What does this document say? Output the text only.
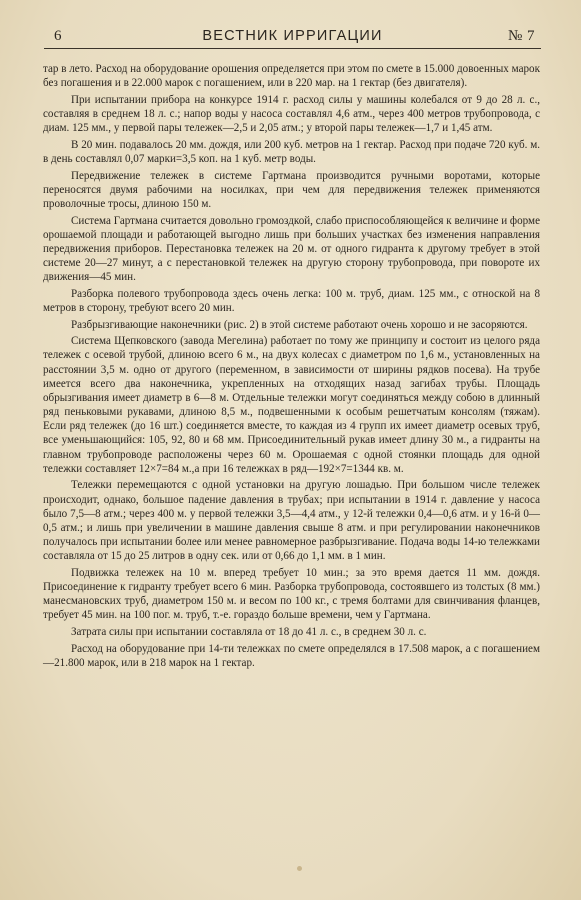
6	ВЕСТНИК ИРРИГАЦИИ	№ 7

тар в лето. Расход на оборудование орошения определяется при этом по смете в 15.000 довоенных марок без погашения и в 22.000 марок с погашением, или в 220 мар. на 1 гектар (без двигателя).

При испытании прибора на конкурсе 1914 г. расход силы у машины колебался от 9 до 28 л. с., составляя в среднем 18 л. с.; напор воды у насоса составлял 4,6 атм., через 400 метров трубопровода, с диам. 125 мм., у первой пары тележек—2,5 и 2,05 атм.; у второй пары тележек—1,7 и 1,45 атм.

В 20 мин. подавалось 20 мм. дождя, или 200 куб. метров на 1 гектар. Расход при подаче 720 куб. м. в день составлял 0,07 марки=3,5 коп. на 1 куб. метр воды.

Передвижение тележек в системе Гартмана производится ручными воротами, которые переносятся двумя рабочими на носилках, при чем для передвижения тележек применяются проволочные тросы, длиною 150 м.

Система Гартмана считается довольно громоздкой, слабо приспособляющейся к величине и форме орошаемой площади и работающей выгодно лишь при больших участках без изменения направления передвижения приборов. Перестановка тележек на 20 м. от одного гидранта к другому требует в этой системе 20—27 минут, а с перестановкой тележек на другую сторону трубопровода, при повороте их движения—45 мин.

Разборка полевого трубопровода здесь очень легка: 100 м. труб, диам. 125 мм., с отноской на 8 метров в сторону, требуют всего 20 мин.

Разбрызгивающие наконечники (рис. 2) в этой системе работают очень хорошо и не засоряются.

Система Щепковского (завода Мегелина) работает по тому же принципу и состоит из целого ряда тележек с осевой трубой, длиною всего 6 м., на двух колесах с диаметром по 1,6 м., установленных на расстоянии 3,5 м. одно от другого (переменном, в зависимости от ширины рядков посева). На трубе имеется всего два наконечника, укрепленных на отходящих назад загибах трубы. Площадь обрызгивания имеет диаметр в 6—8 м. Отдельные тележки могут соединяться между собою в длинный ряд пеньковыми рукавами, длиною 8,5 м., подвешенными к особым решетчатым консолям (тяжам). Если ряд тележек (до 16 шт.) соединяется вместе, то каждая из 4 групп их имеет диаметр осевых труб, все уменьшающийся: 105, 92, 80 и 68 мм. Присоединительный рукав имеет длину 30 м., а гидранты на главном трубопроводе расположены через 60 м. Орошаемая с одной стоянки площадь для одной тележки составляет 12×7=84 м.,а при 16 тележках в ряд—192×7=1344 кв. м.

Тележки перемещаются с одной установки на другую лошадью. При большом числе тележек происходит, однако, большое падение давления в трубах; при испытании в 1914 г. давление у насоса было 7,5—8 атм.; через 400 м. у первой тележки 3,5—4,4 атм., у 12-й тележки 0,4—0,6 атм. и у 16-й 0—0,5 атм.; и лишь при увеличении в машине давления свыше 8 атм. и при регулировании наконечников получалось при испытании более или менее равномерное разбрызгивание. Подача воды 14-ю тележками составляла от 15 до 25 литров в одну сек. или от 0,66 до 1,1 мм. в 1 мин.

Подвижка тележек на 10 м. вперед требует 10 мин.; за это время дается 11 мм. дождя. Присоединение к гидранту требует всего 6 мин. Разборка трубопровода, состоявшего из толстых (8 мм.) манесмановских труб, диаметром 150 м. и весом по 100 кг., с тремя болтами для свинчивания фланцев, требует 45 мин. на 100 пог. м. труб, т.-е. гораздо больше времени, чем у Гартмана.

Затрата силы при испытании составляла от 18 до 41 л. с., в среднем 30 л. с.

Расход на оборудование при 14-ти тележках по смете определялся в 17.508 марок, а с погашением—21.800 марок, или в 218 марок на 1 гектар.
